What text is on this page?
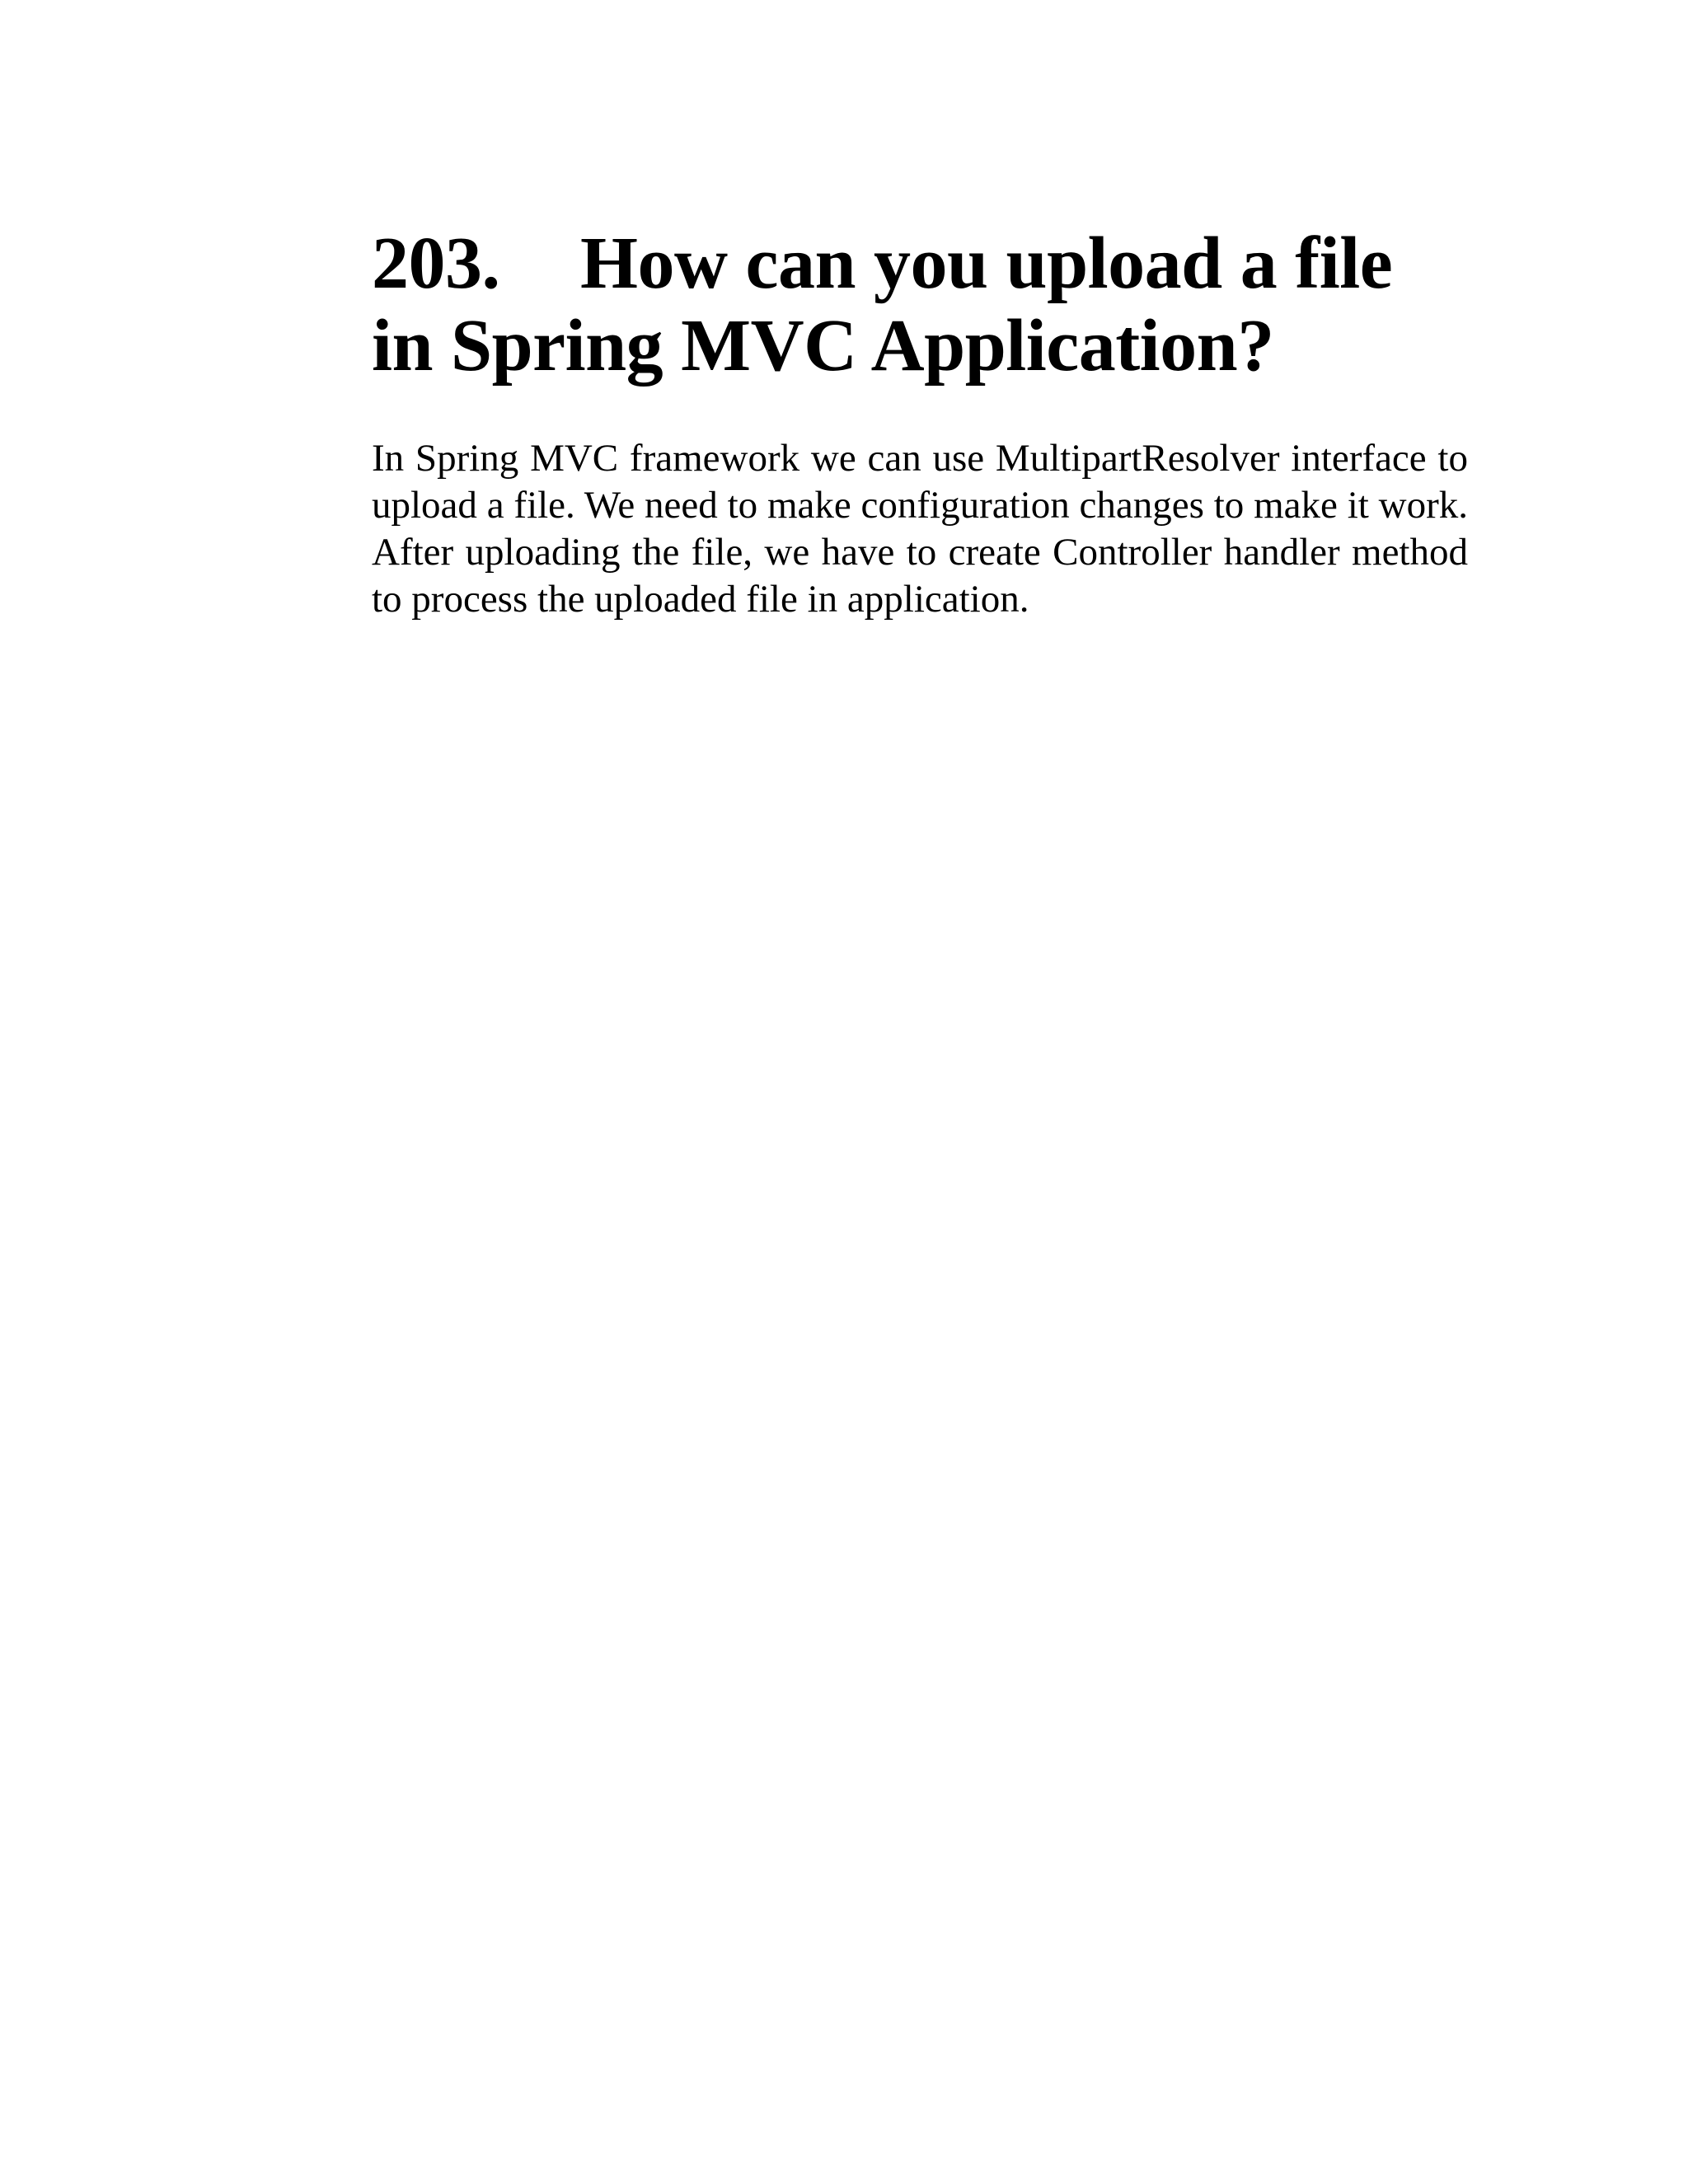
203. How can you upload a file in Spring MVC Application?

In Spring MVC framework we can use MultipartResolver interface to upload a file. We need to make configuration changes to make it work. After uploading the file, we have to create Controller handler method to process the uploaded file in application.
